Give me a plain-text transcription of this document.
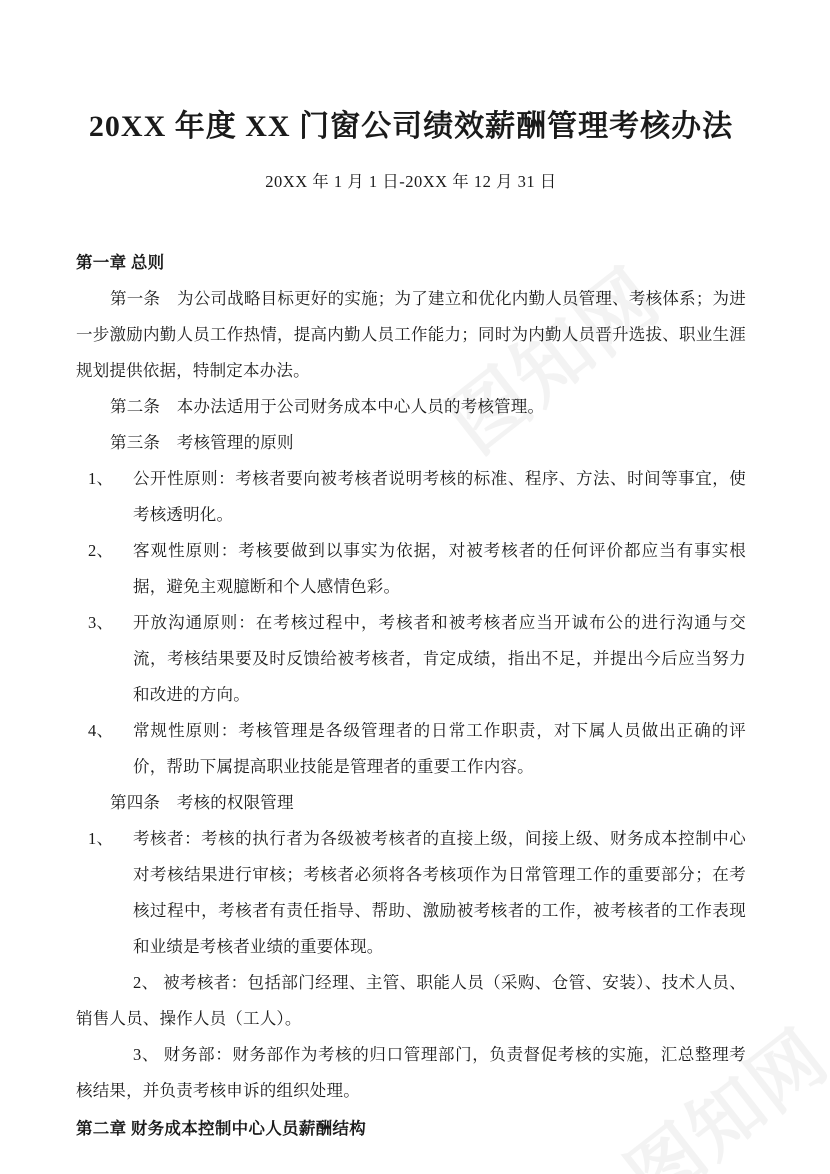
20XX 年度 XX 门窗公司绩效薪酬管理考核办法

20XX 年 1 月 1 日-20XX 年 12 月 31 日

第一章 总则

第一条　为公司战略目标更好的实施；为了建立和优化内勤人员管理、考核体系；为进一步激励内勤人员工作热情，提高内勤人员工作能力；同时为内勤人员晋升选拔、职业生涯规划提供依据，特制定本办法。

第二条　本办法适用于公司财务成本中心人员的考核管理。

第三条　考核管理的原则

1、	公开性原则：考核者要向被考核者说明考核的标准、程序、方法、时间等事宜，使考核透明化。
2、	客观性原则：考核要做到以事实为依据，对被考核者的任何评价都应当有事实根据，避免主观臆断和个人感情色彩。
3、	开放沟通原则：在考核过程中，考核者和被考核者应当开诚布公的进行沟通与交流，考核结果要及时反馈给被考核者，肯定成绩，指出不足，并提出今后应当努力和改进的方向。
4、	常规性原则：考核管理是各级管理者的日常工作职责，对下属人员做出正确的评价，帮助下属提高职业技能是管理者的重要工作内容。

第四条　考核的权限管理

1、	考核者：考核的执行者为各级被考核者的直接上级，间接上级、财务成本控制中心对考核结果进行审核；考核者必须将各考核项作为日常管理工作的重要部分；在考核过程中，考核者有责任指导、帮助、激励被考核者的工作，被考核者的工作表现和业绩是考核者业绩的重要体现。
2、 被考核者：包括部门经理、主管、职能人员（采购、仓管、安装）、技术人员、销售人员、操作人员（工人）。
3、 财务部：财务部作为考核的归口管理部门，负责督促考核的实施，汇总整理考核结果，并负责考核申诉的组织处理。
第二章 财务成本控制中心人员薪酬结构
